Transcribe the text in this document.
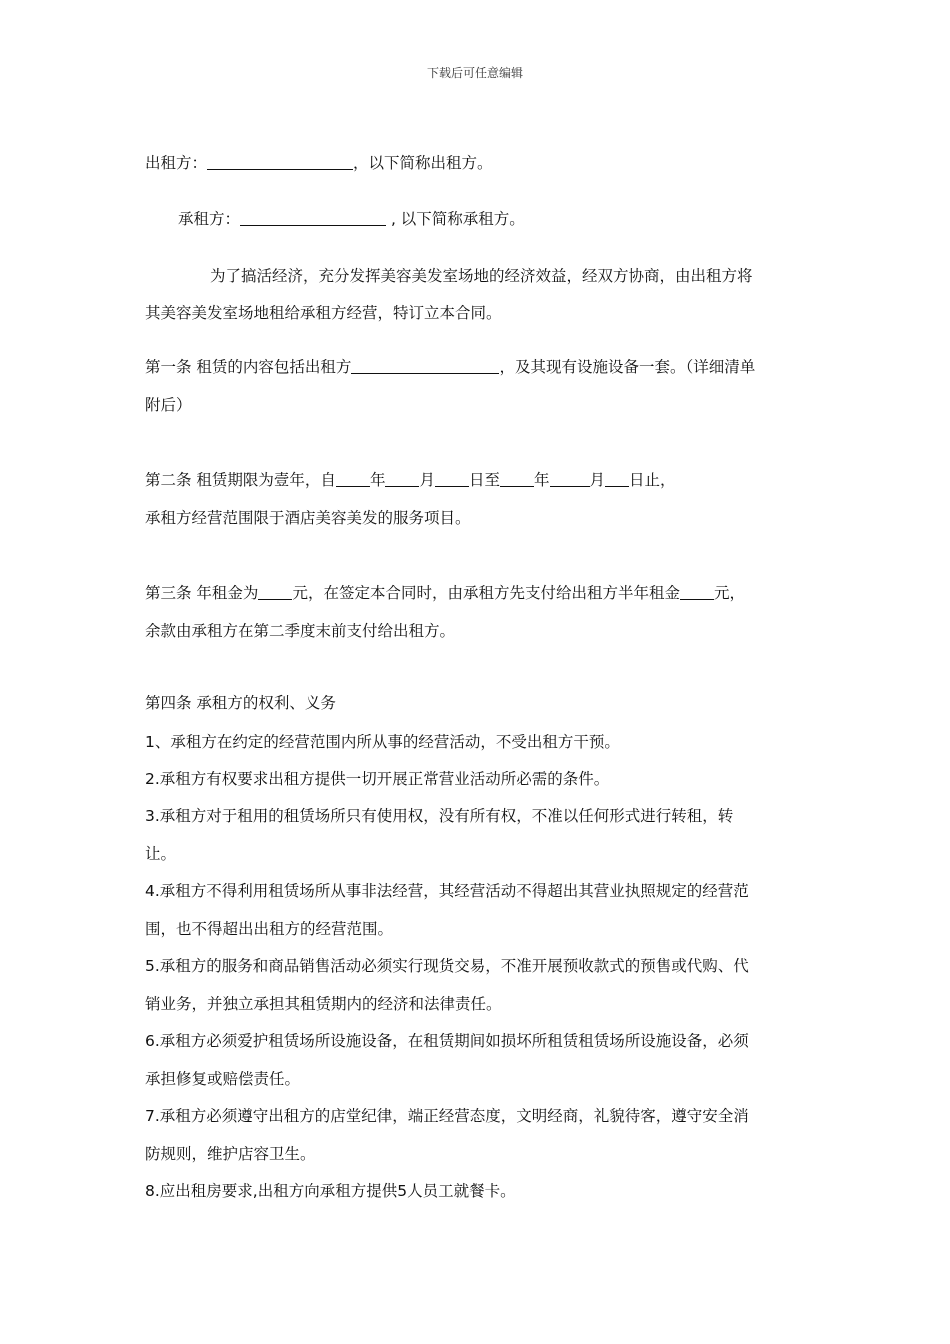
下载后可任意编辑
出租方：	，以下简称出租方。
承租方：	, 以下简称承租方。
为了搞活经济，充分发挥美容美发室场地的经济效益，经双方协商，由出租方将
其美容美发室场地租给承租方经营，特订立本合同。
第一条 租赁的内容包括出租方	，及其现有设施设备一套。（详细清单
附后）
第二条 租赁期限为壹年，自 年 月 日至 年	月 日止，
承租方经营范围限于酒店美容美发的服务项目。
第三条 年租金为 元，在签定本合同时，由承租方先支付给出租方半年租金 元，
余款由承租方在第二季度末前支付给出租方。
第四条 承租方的权利、义务
1、承租方在约定的经营范围内所从事的经营活动，不受出租方干预。
2.承租方有权要求出租方提供一切开展正常营业活动所必需的条件。
3.承租方对于租用的租赁场所只有使用权，没有所有权，不准以任何形式进行转租，转
让。
4.承租方不得利用租赁场所从事非法经营，其经营活动不得超出其营业执照规定的经营范
围，也不得超出出租方的经营范围。
5.承租方的服务和商品销售活动必须实行现货交易，不准开展预收款式的预售或代购、代
销业务，并独立承担其租赁期内的经济和法律责任。
6.承租方必须爱护租赁场所设施设备，在租赁期间如损坏所租赁租赁场所设施设备，必须
承担修复或赔偿责任。
7.承租方必须遵守出租方的店堂纪律，端正经营态度，文明经商，礼貌待客，遵守安全消
防规则，维护店容卫生。
8.应出租房要求,出租方向承租方提供5人员工就餐卡。
